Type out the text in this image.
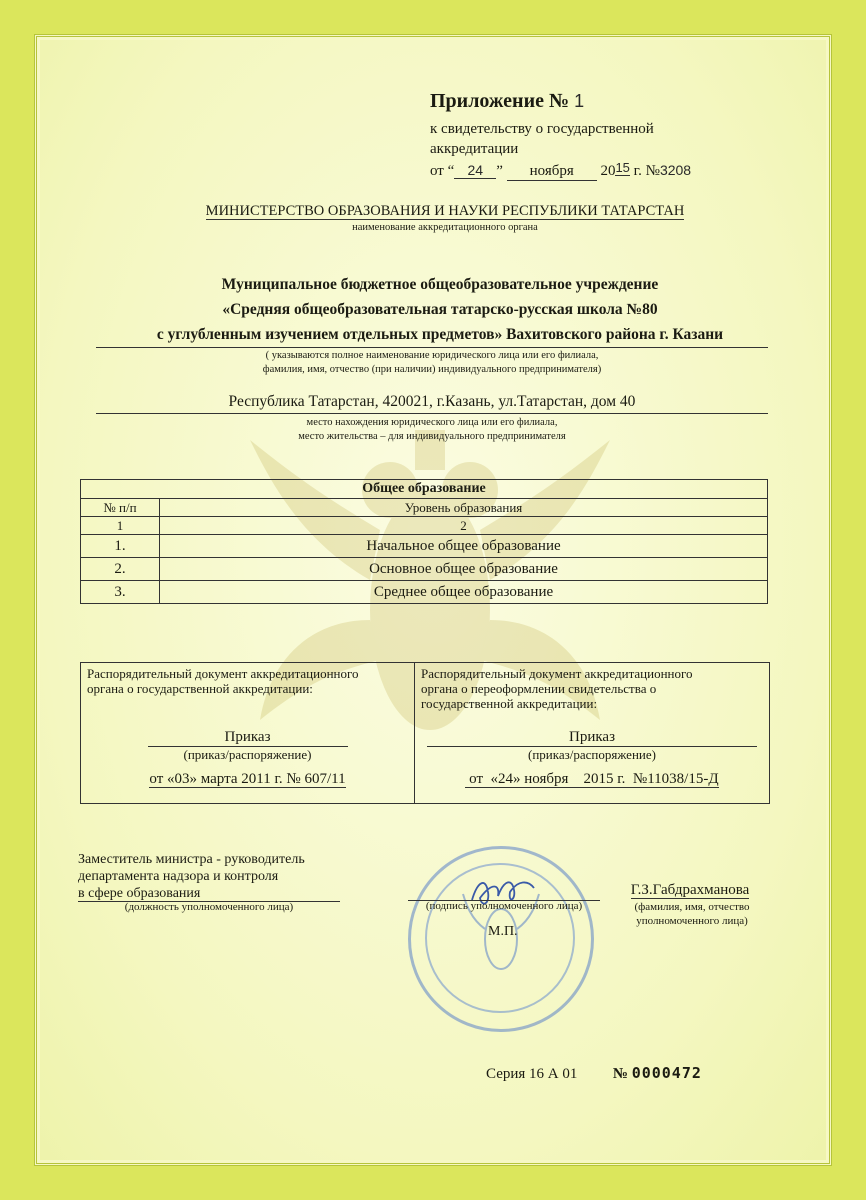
Приложение № 1
к свидетельству о государственной
аккредитации
от “ 24 ” ноября 2015 г. №3208
МИНИСТЕРСТВО ОБРАЗОВАНИЯ И НАУКИ РЕСПУБЛИКИ ТАТАРСТАН
наименование аккредитационного органа
Муниципальное бюджетное общеобразовательное учреждение
«Средняя общеобразовательная татарско-русская школа №80
с углубленным изучением отдельных предметов» Вахитовского района г. Казани
( указываются полное наименование юридического лица или его филиала,
фамилия, имя, отчество (при наличии) индивидуального предпринимателя)
Республика Татарстан, 420021, г.Казань, ул.Татарстан, дом 40
место нахождения юридического лица или его филиала,
место жительства – для индивидуального предпринимателя
Общее образование	
№ п/п	Уровень образования
1	2
1.	Начальное общее образование
2.	Основное общее образование
3.	Среднее общее образование
Распорядительный документ аккредитационного
органа о государственной аккредитации:
Приказ
(приказ/распоряжение)
от «03» марта 2011 г. № 607/11
Распорядительный документ аккредитационного
органа о переоформлении свидетельства о
государственной аккредитации:
Приказ
(приказ/распоряжение)
от  «24» ноября    2015 г.  №11038/15-Д
Заместитель министра - руководитель
департамента надзора и контроля
в сфере образования
(должность уполномоченного лица)	(подпись уполномоченного лица)
М.П.
Г.З.Габдрахманова
(фамилия, имя, отчество
уполномоченного лица)
Серия 16 А 01 № 0000472
